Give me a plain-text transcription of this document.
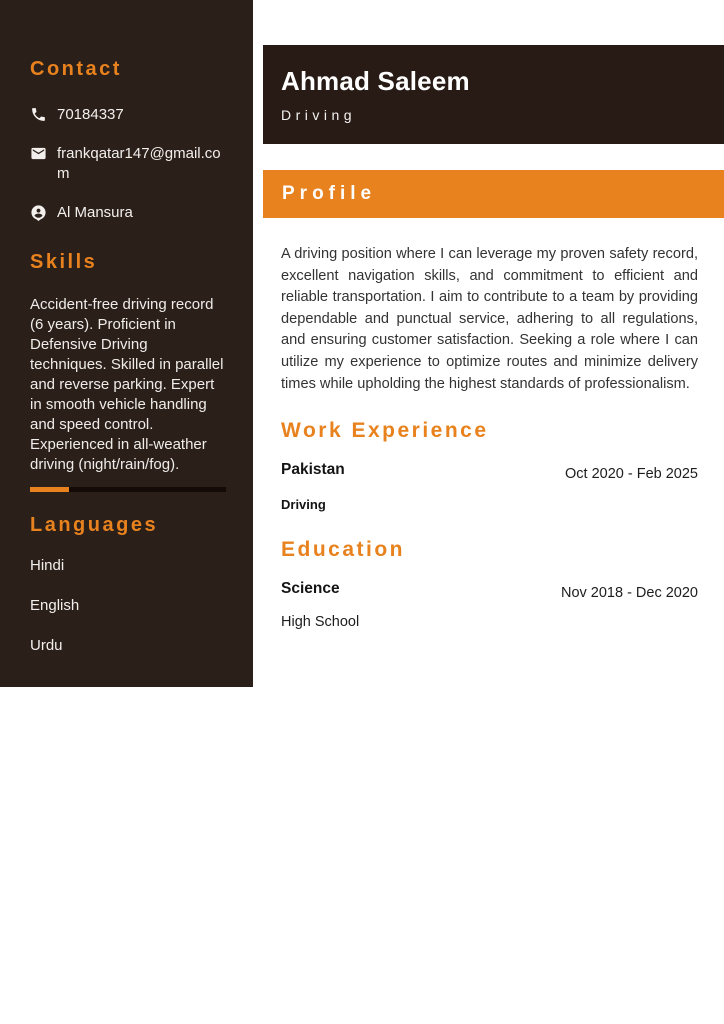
Contact
70184337
frankqatar147@gmail.com
Al Mansura
Skills
Accident-free driving record (6 years). Proficient in Defensive Driving techniques. Skilled in parallel and reverse parking. Expert in smooth vehicle handling and speed control. Experienced in all-weather driving (night/rain/fog).
Languages
Hindi
English
Urdu
Ahmad Saleem
Driving
Profile

A driving position where I can leverage my proven safety record, excellent navigation skills, and commitment to efficient and reliable transportation. I aim to contribute to a team by providing dependable and punctual service, adhering to all regulations, and ensuring customer satisfaction. Seeking a role where I can utilize my experience to optimize routes and minimize delivery times while upholding the highest standards of professionalism.

Work Experience
Pakistan	Oct 2020 - Feb 2025
Driving
Education
Science	Nov 2018 - Dec 2020
High School
